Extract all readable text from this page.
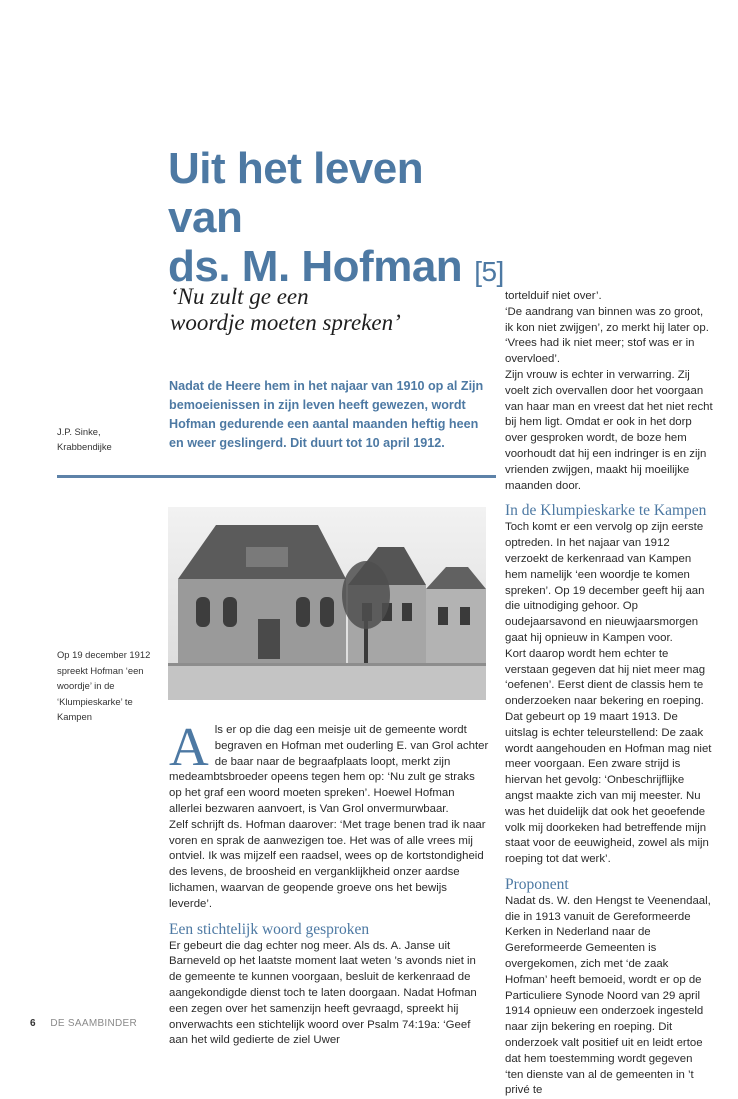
Uit het leven van
ds. M. Hofman [5]
‘Nu zult ge een
woordje moeten spreken’
Nadat de Heere hem in het najaar van 1910 op al Zijn bemoeienissen in zijn leven heeft gewezen, wordt Hofman gedurende een aantal maanden heftig heen en weer geslingerd. Dit duurt tot 10 april 1912.
J.P. Sinke,
Krabbendijke
Op 19 december 1912 spreekt Hofman ‘een woordje’ in de ‘Klumpieskarke’ te Kampen	A ls er op die dag een meisje uit de gemeente wordt begraven en Hofman met ouderling E. van Grol achter de baar naar de begraafplaats loopt, merkt zijn medeambtsbroeder opeens tegen hem op: ‘Nu zult ge straks op het graf een woord moeten spreken’. Hoewel Hofman allerlei bezwaren aanvoert, is Van Grol onvermurwbaar.

Zelf schrijft ds. Hofman daarover: ‘Met trage benen trad ik naar voren en sprak de aanwezigen toe. Het was of alle vrees mij ontviel. Ik was mijzelf een raadsel, wees op de kortstondigheid des levens, de broosheid en verganklijkheid onzer aardse lichamen, waarvan de geopende groeve ons het bewijs leverde’.

Een stichtelijk woord gesproken

Er gebeurt die dag echter nog meer. Als ds. A. Janse uit Barneveld op het laatste moment laat weten ’s avonds niet in de gemeente te kunnen voorgaan, besluit de kerkenraad de aangekondigde dienst toch te laten doorgaan. Nadat Hofman een zegen over het samenzijn heeft gevraagd, spreekt hij onverwachts een stichtelijk woord over Psalm 74:19a: ‘Geef aan het wild gedierte de ziel Uwer

tortelduif niet over’.

‘De aandrang van binnen was zo groot, ik kon niet zwijgen’, zo merkt hij later op. ‘Vrees had ik niet meer; stof was er in overvloed’.

Zijn vrouw is echter in verwarring. Zij voelt zich overvallen door het voorgaan van haar man en vreest dat het niet recht bij hem ligt. Omdat er ook in het dorp over gesproken wordt, de boze hem voorhoudt dat hij een indringer is en zijn vrienden zwijgen, maakt hij moeilijke maanden door.

In de Klumpieskarke te Kampen

Toch komt er een vervolg op zijn eerste optreden. In het najaar van 1912 verzoekt de kerkenraad van Kampen hem namelijk ‘een woordje te komen spreken’. Op 19 december geeft hij aan die uitnodiging gehoor. Op oudejaarsavond en nieuwjaarsmorgen gaat hij opnieuw in Kampen voor.

Kort daarop wordt hem echter te verstaan gegeven dat hij niet meer mag ‘oefenen’. Eerst dient de classis hem te onderzoeken naar bekering en roeping. Dat gebeurt op 19 maart 1913. De uitslag is echter teleurstellend: De zaak wordt aangehouden en Hofman mag niet meer voorgaan. Een zware strijd is hiervan het gevolg: ‘Onbeschrijflijke angst maakte zich van mij meester. Nu was het duidelijk dat ook het geoefende volk mij doorkeken had betreffende mijn staat voor de eeuwigheid, zowel als mijn roeping tot dat werk’.

Proponent

Nadat ds. W. den Hengst te Veenendaal, die in 1913 vanuit de Gereformeerde Kerken in Nederland naar de Gereformeerde Gemeenten is overgekomen, zich met ‘de zaak Hofman’ heeft bemoeid, wordt er op de Particuliere Synode Noord van 29 april 1914 opnieuw een onderzoek ingesteld naar zijn bekering en roeping. Dit onderzoek valt positief uit en leidt ertoe dat hem toestemming wordt gegeven ‘ten dienste van al de gemeenten in ’t privé te

6 DE SAAMBINDER
